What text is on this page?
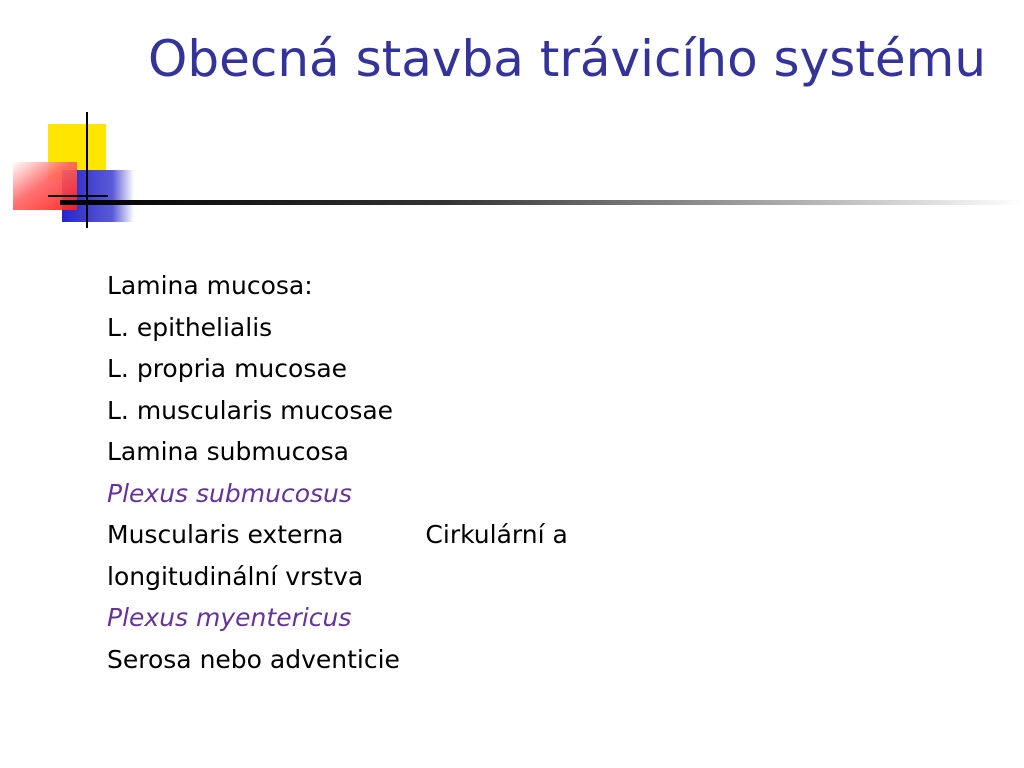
Obecná stavba trávicího systému
Lamina mucosa:
L. epithelialis
L. propria mucosae
L. muscularis mucosae
Lamina submucosa
Plexus submucosus
Muscularis externa	Cirkulární a
longitudinální vrstva
Plexus myentericus
Serosa nebo adventicie
